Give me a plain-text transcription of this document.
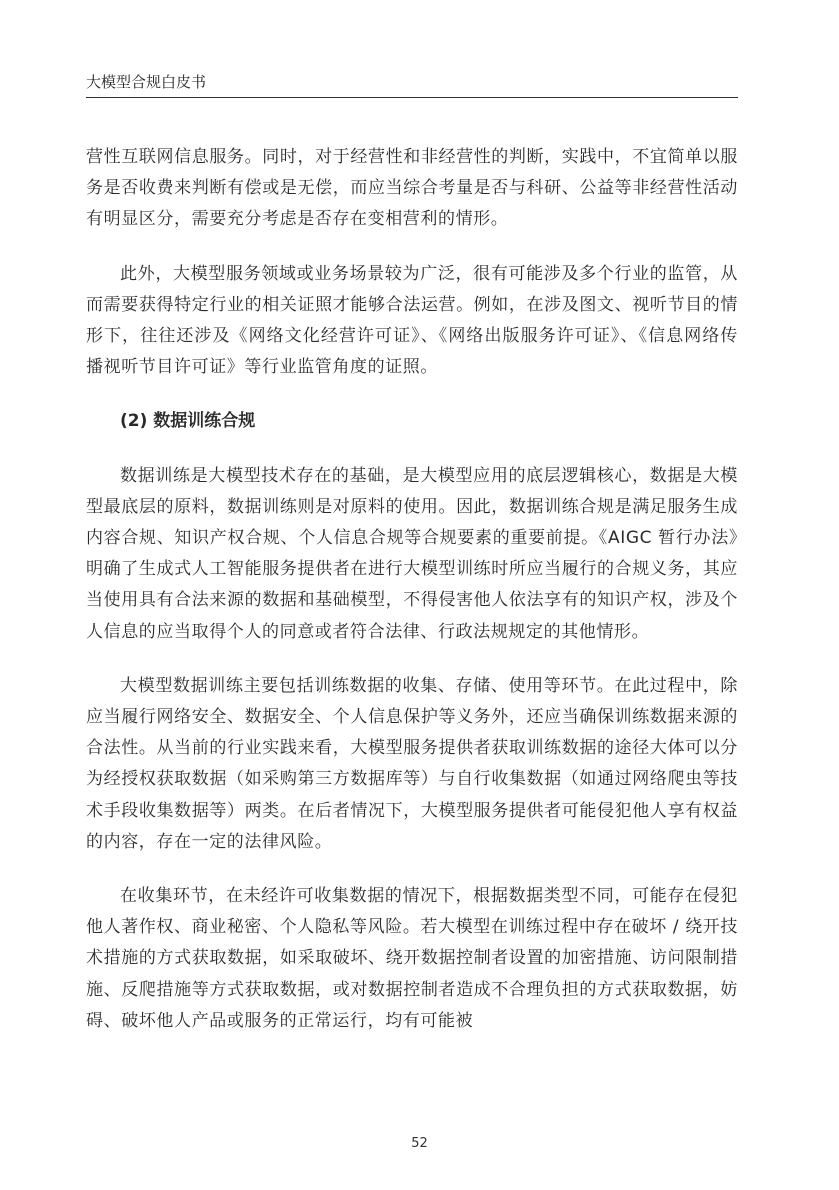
大模型合规白皮书

营性互联网信息服务。同时，对于经营性和非经营性的判断，实践中，不宜简单以服务是否收费来判断有偿或是无偿，而应当综合考量是否与科研、公益等非经营性活动有明显区分，需要充分考虑是否存在变相营利的情形。

此外，大模型服务领域或业务场景较为广泛，很有可能涉及多个行业的监管，从而需要获得特定行业的相关证照才能够合法运营。例如，在涉及图文、视听节目的情形下，往往还涉及《网络文化经营许可证》、《网络出版服务许可证》、《信息网络传播视听节目许可证》等行业监管角度的证照。

(2) 数据训练合规

数据训练是大模型技术存在的基础，是大模型应用的底层逻辑核心，数据是大模型最底层的原料，数据训练则是对原料的使用。因此，数据训练合规是满足服务生成内容合规、知识产权合规、个人信息合规等合规要素的重要前提。《AIGC 暂行办法》明确了生成式人工智能服务提供者在进行大模型训练时所应当履行的合规义务，其应当使用具有合法来源的数据和基础模型，不得侵害他人依法享有的知识产权，涉及个人信息的应当取得个人的同意或者符合法律、行政法规规定的其他情形。

大模型数据训练主要包括训练数据的收集、存储、使用等环节。在此过程中，除应当履行网络安全、数据安全、个人信息保护等义务外，还应当确保训练数据来源的合法性。从当前的行业实践来看，大模型服务提供者获取训练数据的途径大体可以分为经授权获取数据（如采购第三方数据库等）与自行收集数据（如通过网络爬虫等技术手段收集数据等）两类。在后者情况下，大模型服务提供者可能侵犯他人享有权益的内容，存在一定的法律风险。

在收集环节，在未经许可收集数据的情况下，根据数据类型不同，可能存在侵犯他人著作权、商业秘密、个人隐私等风险。若大模型在训练过程中存在破坏 / 绕开技术措施的方式获取数据，如采取破坏、绕开数据控制者设置的加密措施、访问限制措施、反爬措施等方式获取数据，或对数据控制者造成不合理负担的方式获取数据，妨碍、破坏他人产品或服务的正常运行，均有可能被

52
